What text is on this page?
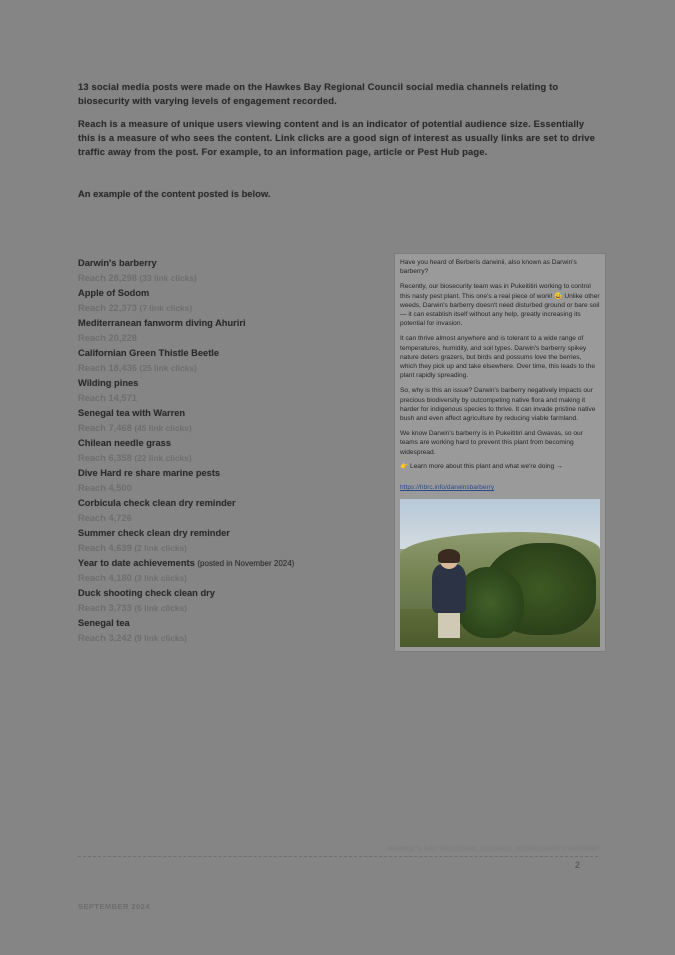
13 social media posts were made on the Hawkes Bay Regional Council social media channels relating to biosecurity with varying levels of engagement recorded.

Reach is a measure of unique users viewing content and is an indicator of potential audience size. Essentially this is a measure of who sees the content. Link clicks are a good sign of interest as usually links are set to drive traffic away from the post. For example, to an information page, article or Pest Hub page.

An example of the content posted is below.

Darwin's barberry
Reach 28,298 (33 link clicks)
Apple of Sodom
Reach 22,373 (7 link clicks)
Mediterranean fanworm diving Ahuriri
Reach 20,228
Californian Green Thistle Beetle
Reach 18,436 (25 link clicks)
Wilding pines
Reach 14,571
Senegal tea with Warren
Reach 7,468 (45 link clicks)
Chilean needle grass
Reach 6,358 (22 link clicks)
Dive Hard re share marine pests
Reach 4,500
Corbicula check clean dry reminder
Reach 4,726
Summer check clean dry reminder
Reach 4,639 (2 link clicks)
Year to date achievements (posted in November 2024)
Reach 4,180 (3 link clicks)
Duck shooting check clean dry
Reach 3,733 (6 link clicks)
Senegal tea
Reach 3,242 (9 link clicks)

Have you heard of Berberis darwinii, also known as Darwin's barberry?

Recently, our biosecurity team was in Pukeititiri working to control this nasty pest plant. This one's a real piece of work! 😅 Unlike other weeds, Darwin's barberry doesn't need disturbed ground or bare soil — it can establish itself without any help, greatly increasing its potential for invasion.

It can thrive almost anywhere and is tolerant to a wide range of temperatures, humidity, and soil types. Darwin's barberry spikey nature deters grazers, but birds and possums love the berries, which they pick up and take elsewhere. Over time, this leads to the plant rapidly spreading.

So, why is this an issue? Darwin's barberry negatively impacts our precious biodiversity by outcompeting native flora and making it harder for indigenous species to thrive. It can invade pristine native bush and even affect agriculture by reducing viable farmland.

We know Darwin's barberry is in Pukeititiri and Gwavas, so our teams are working hard to prevent this plant from becoming widespread.

👉 Learn more about this plant and what we're doing →

https://hbrc.info/darwinsbarberry
HAWKE'S BAY REGIONAL COUNCIL BIOSECURITY REPORT
2
SEPTEMBER 2024
